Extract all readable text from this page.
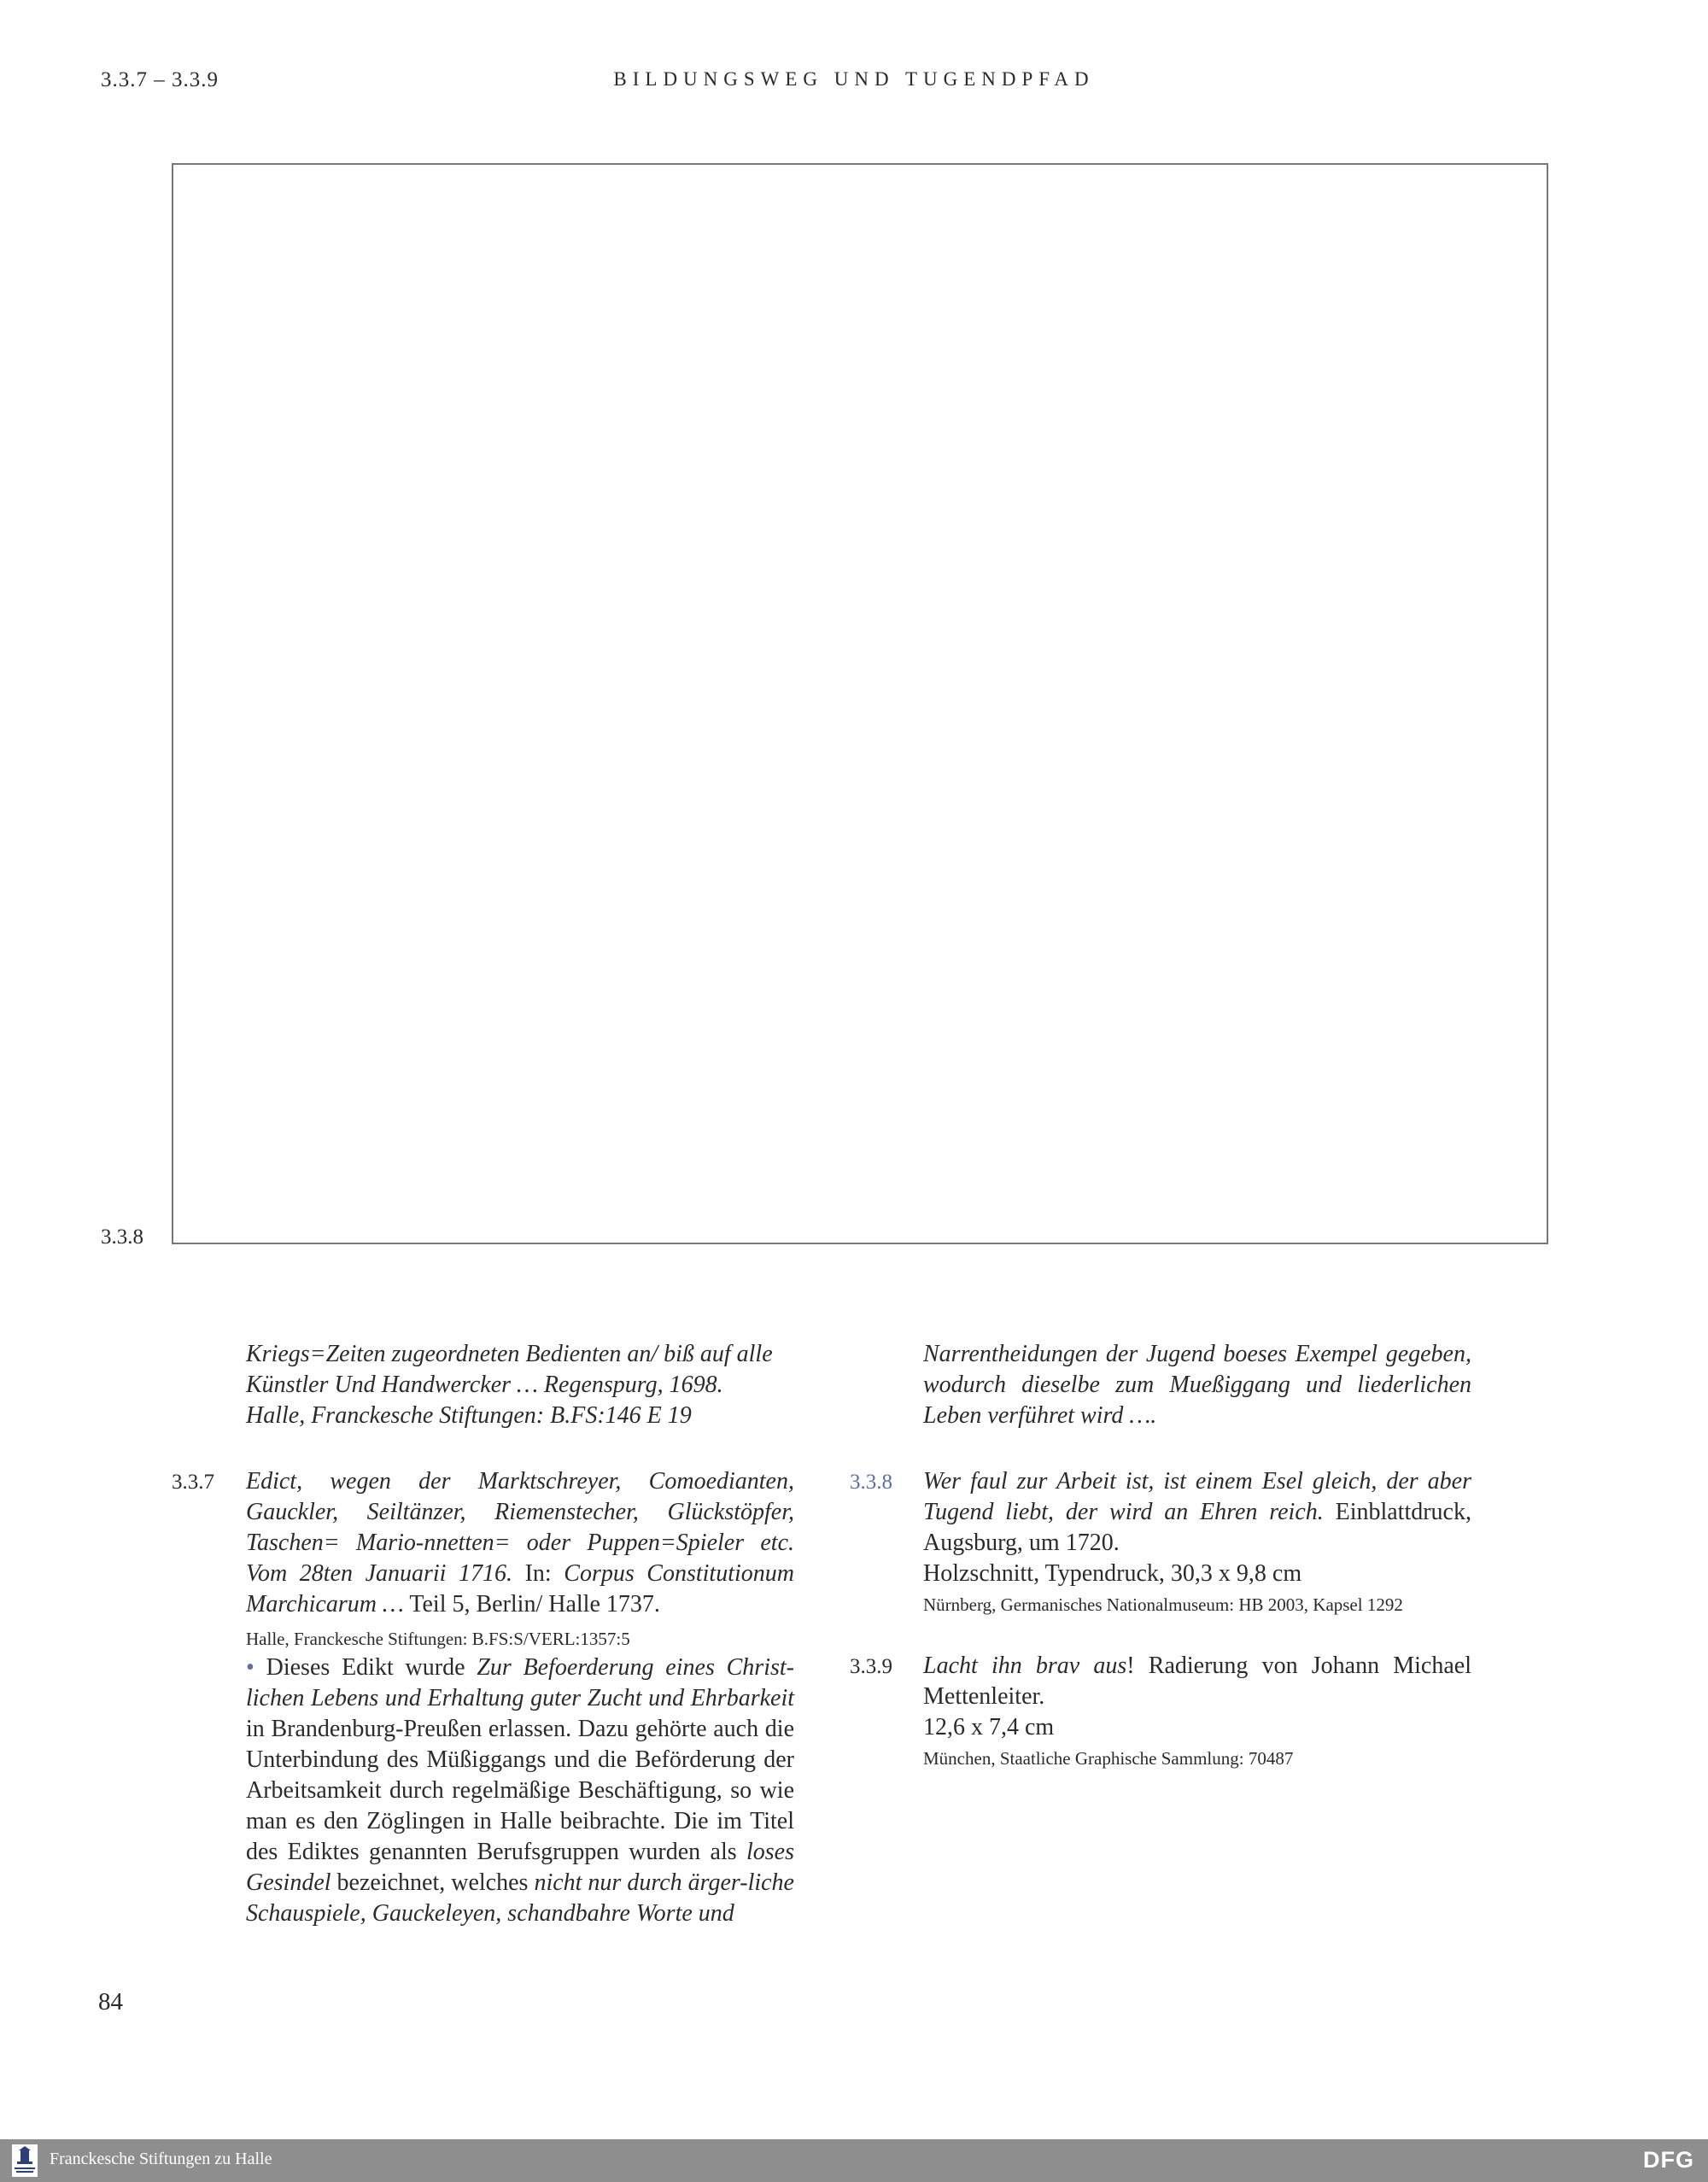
3.3.7 – 3.3.9	BILDUNGSWEG UND TUGENDPFAD
3.3.8
Kriegs=Zeiten zugeordneten Bedienten an/ biß auf alle
Künstler Und Handwercker … Regenspurg, 1698.
Halle, Franckesche Stiftungen: B.FS:146 E 19
3.3.7 Edict, wegen der Marktschreyer, Comoedianten, Gauckler, Seiltänzer, Riemenstecher, Glückstöpfer, Taschen= Mario-nnetten= oder Puppen=Spieler etc. Vom 28ten Januarii 1716. In: Corpus Constitutionum Marchicarum … Teil 5, Berlin/ Halle 1737.
Halle, Franckesche Stiftungen: B.FS:S/VERL:1357:5
• Dieses Edikt wurde Zur Befoerderung eines Christ-lichen Lebens und Erhaltung guter Zucht und Ehrbarkeit in Brandenburg-Preußen erlassen. Dazu gehörte auch die Unterbindung des Müßiggangs und die Beförderung der Arbeitsamkeit durch regelmäßige Beschäftigung, so wie man es den Zöglingen in Halle beibrachte. Die im Titel des Ediktes genannten Berufsgruppen wurden als loses Gesindel bezeichnet, welches nicht nur durch ärger-liche Schauspiele, Gauckeleyen, schandbahre Worte und
Narrentheidungen der Jugend boeses Exempel gegeben, wodurch dieselbe zum Mueßiggang und liederlichen Leben verführet wird ….
3.3.8 Wer faul zur Arbeit ist, ist einem Esel gleich, der aber Tugend liebt, der wird an Ehren reich. Einblattdruck, Augsburg, um 1720.
Holzschnitt, Typendruck, 30,3 x 9,8 cm
Nürnberg, Germanisches Nationalmuseum: HB 2003, Kapsel 1292
3.3.9 Lacht ihn brav aus! Radierung von Johann Michael Mettenleiter.
12,6 x 7,4 cm
München, Staatliche Graphische Sammlung: 70487
84
Franckesche Stiftungen zu Halle	DFG
